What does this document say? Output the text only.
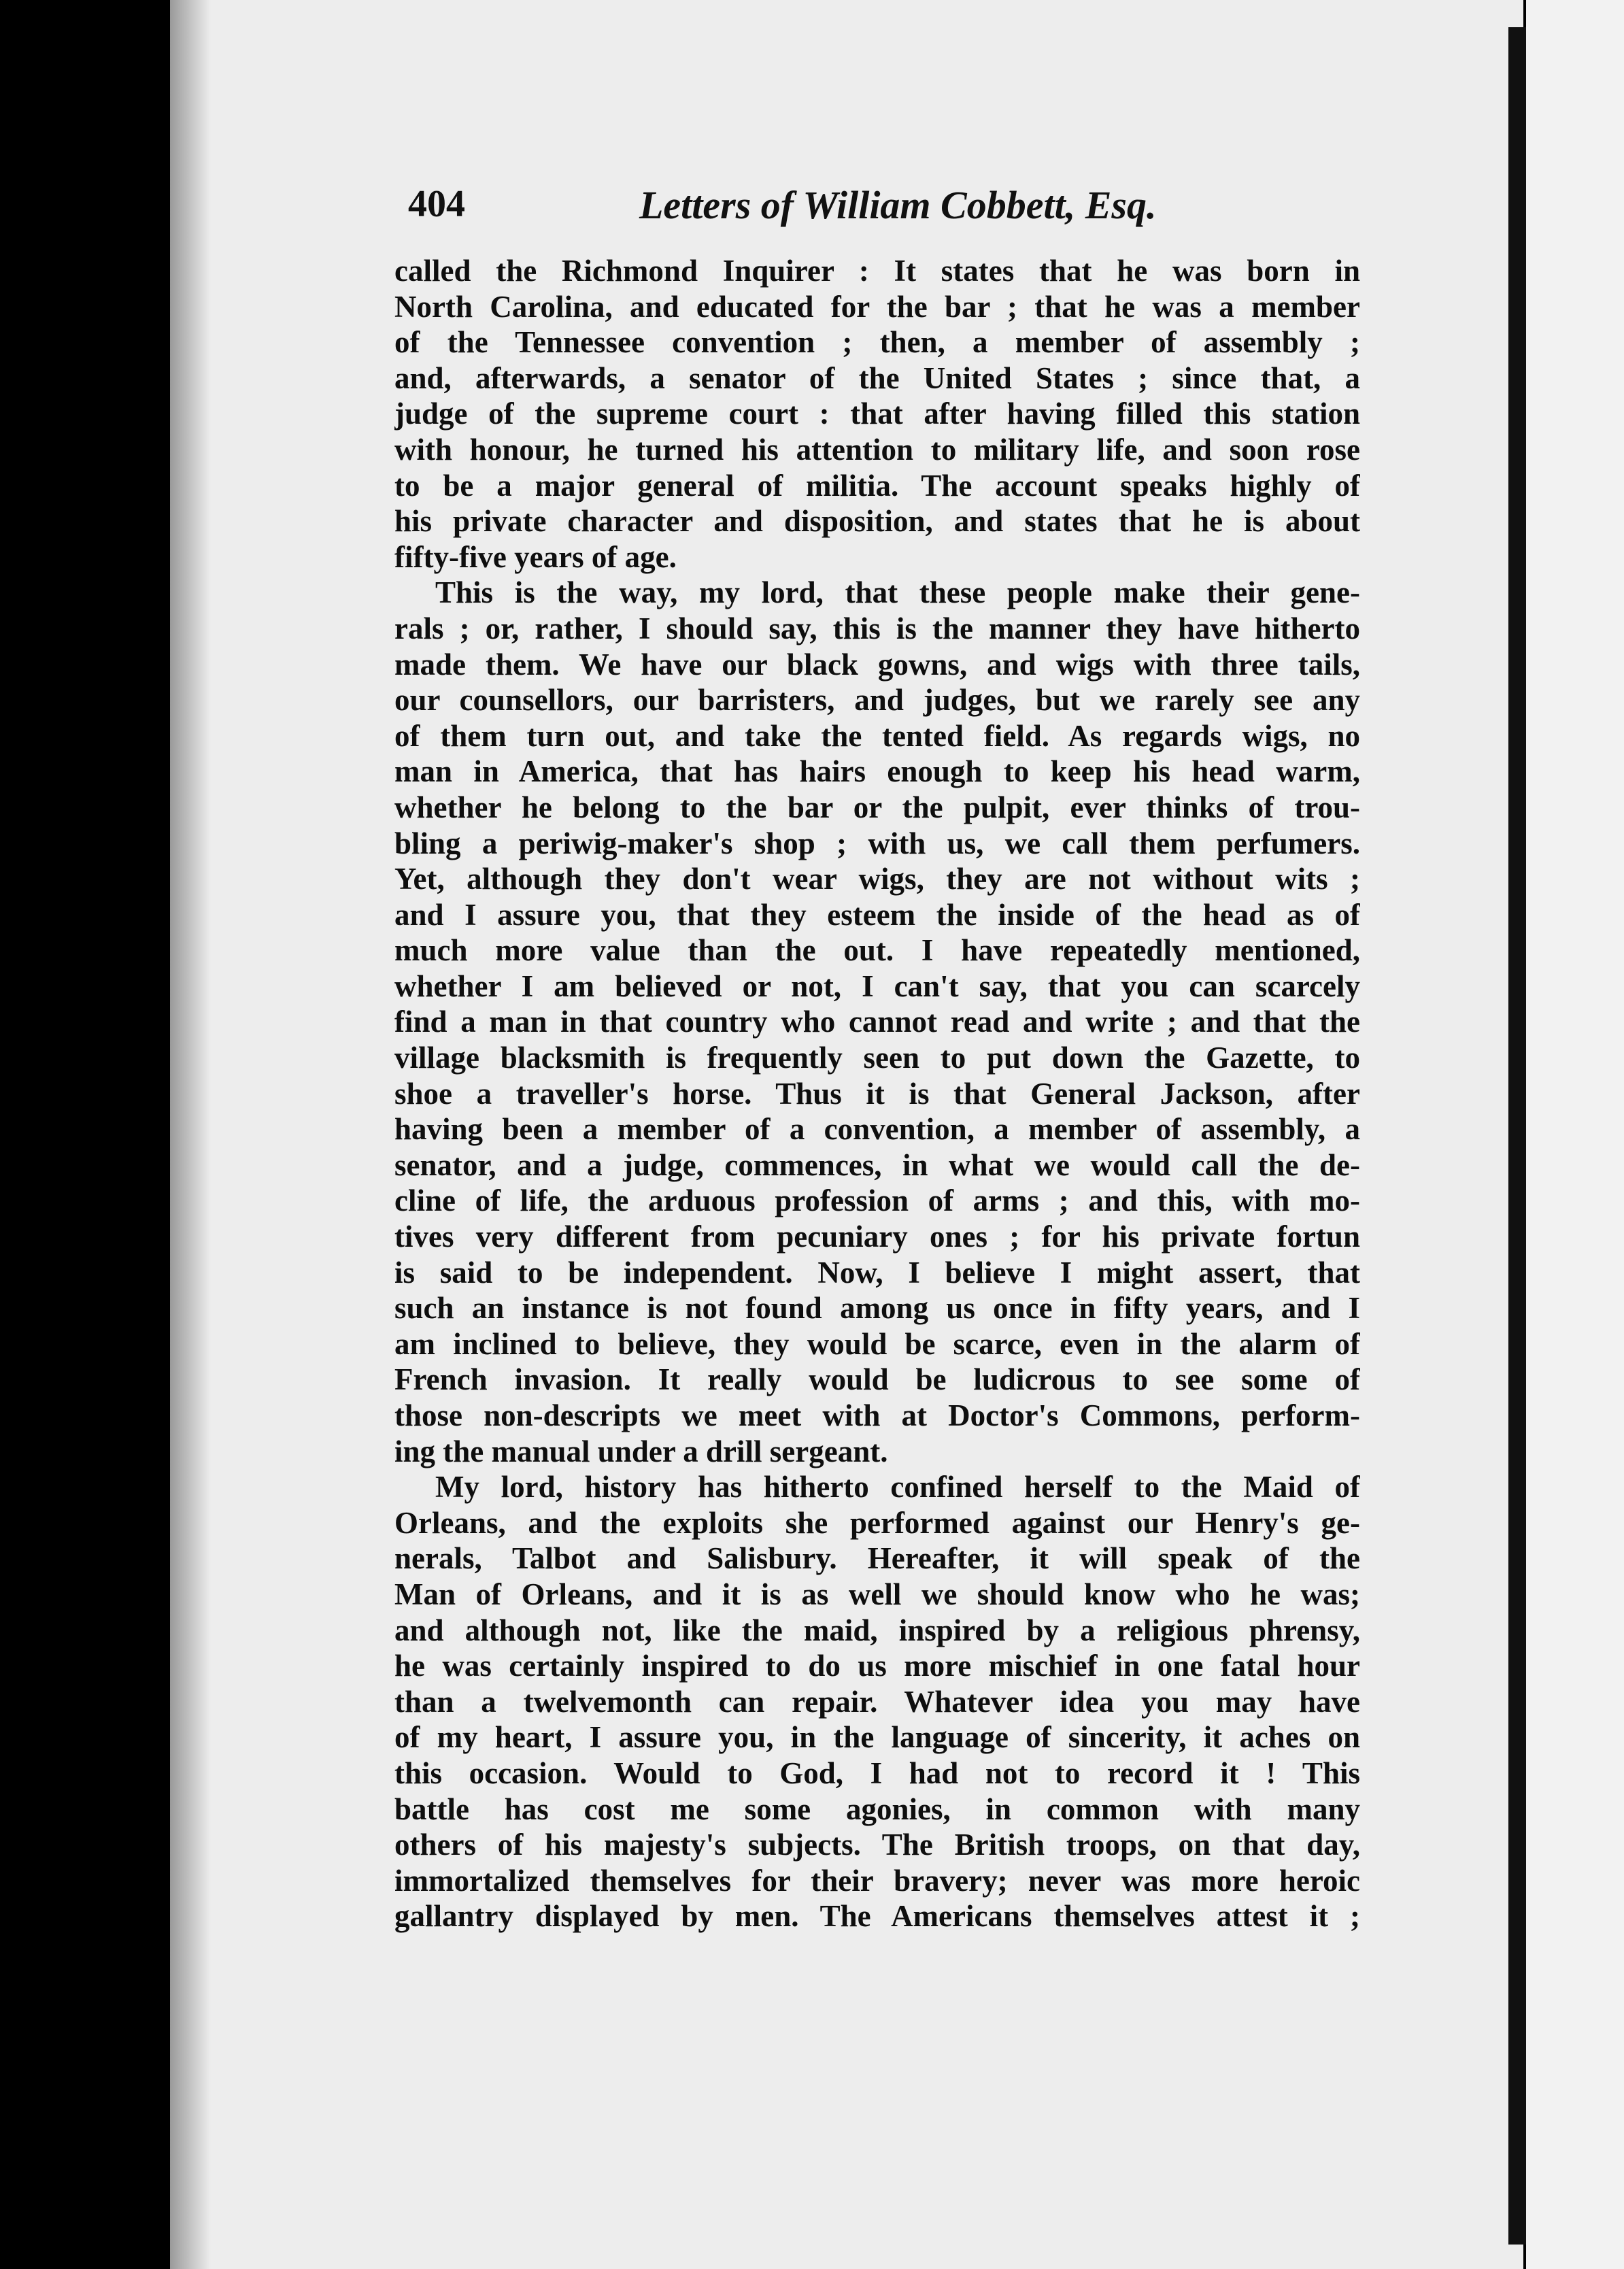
404	Letters of William Cobbett, Esq.
called the Richmond Inquirer : It states that he was born in
North Carolina, and educated for the bar ; that he was a member
of the Tennessee convention ; then, a member of assembly ;
and, afterwards, a senator of the United States ; since that, a
judge of the supreme court : that after having filled this station
with honour, he turned his attention to military life, and soon rose
to be a major general of militia. The account speaks highly of
his private character and disposition, and states that he is about
fifty-five years of age.
This is the way, my lord, that these people make their gene-
rals ; or, rather, I should say, this is the manner they have hitherto
made them. We have our black gowns, and wigs with three tails,
our counsellors, our barristers, and judges, but we rarely see any
of them turn out, and take the tented field. As regards wigs, no
man in America, that has hairs enough to keep his head warm,
whether he belong to the bar or the pulpit, ever thinks of trou-
bling a periwig-maker's shop ; with us, we call them perfumers.
Yet, although they don't wear wigs, they are not without wits ;
and I assure you, that they esteem the inside of the head as of
much more value than the out. I have repeatedly mentioned,
whether I am believed or not, I can't say, that you can scarcely
find a man in that country who cannot read and write ; and that the
village blacksmith is frequently seen to put down the Gazette, to
shoe a traveller's horse. Thus it is that General Jackson, after
having been a member of a convention, a member of assembly, a
senator, and a judge, commences, in what we would call the de-
cline of life, the arduous profession of arms ; and this, with mo-
tives very different from pecuniary ones ; for his private fortun
is said to be independent. Now, I believe I might assert, that
such an instance is not found among us once in fifty years, and I
am inclined to believe, they would be scarce, even in the alarm of
French invasion. It really would be ludicrous to see some of
those non-descripts we meet with at Doctor's Commons, perform-
ing the manual under a drill sergeant.
My lord, history has hitherto confined herself to the Maid of
Orleans, and the exploits she performed against our Henry's ge-
nerals, Talbot and Salisbury. Hereafter, it will speak of the
Man of Orleans, and it is as well we should know who he was;
and although not, like the maid, inspired by a religious phrensy,
he was certainly inspired to do us more mischief in one fatal hour
than a twelvemonth can repair. Whatever idea you may have
of my heart, I assure you, in the language of sincerity, it aches on
this occasion. Would to God, I had not to record it ! This
battle has cost me some agonies, in common with many
others of his majesty's subjects. The British troops, on that day,
immortalized themselves for their bravery; never was more heroic
gallantry displayed by men. The Americans themselves attest it ;
